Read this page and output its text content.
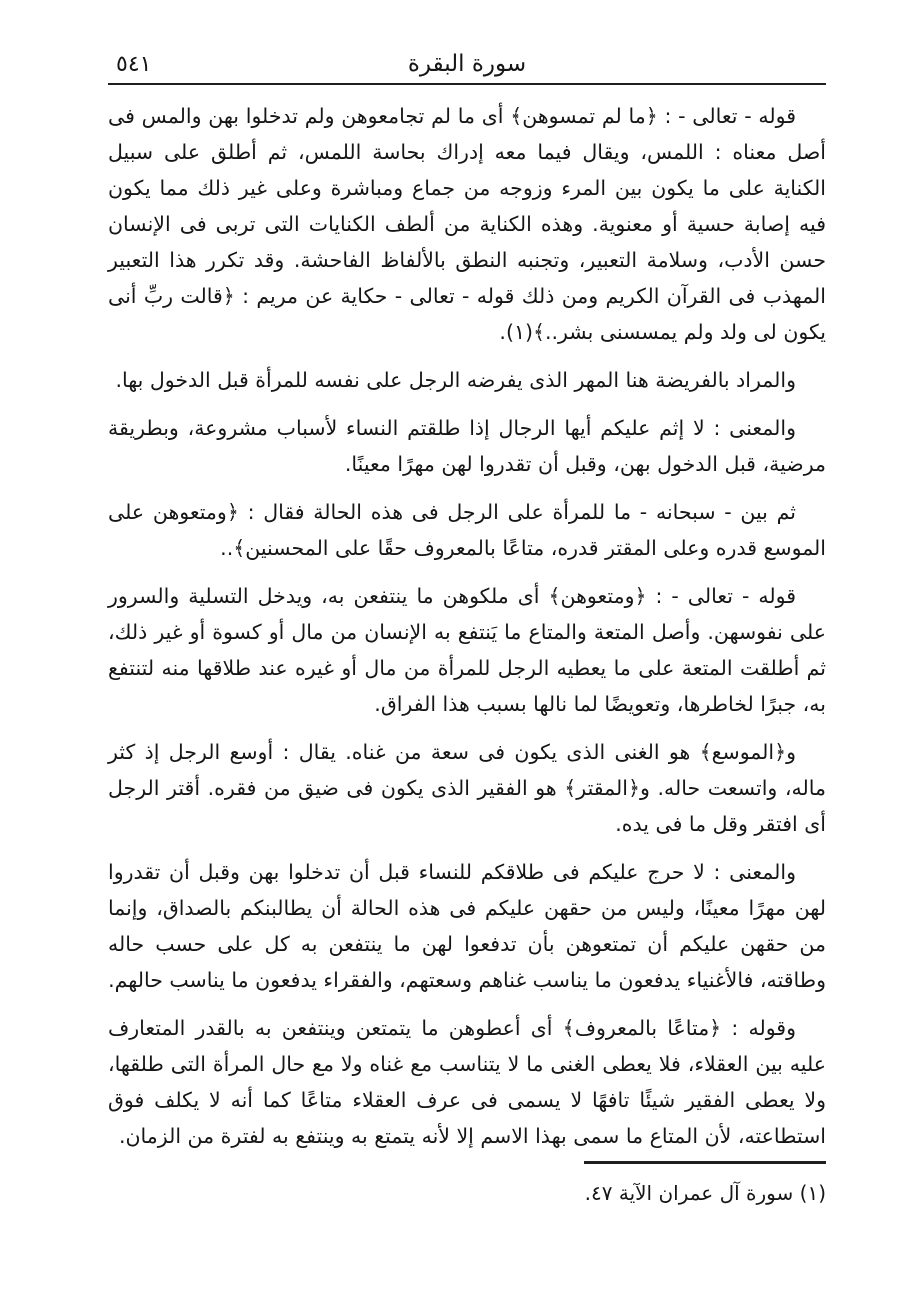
٥٤١	سورة البقرة

قوله - تعالى - : ﴿ما لم تمسوهن﴾ أى ما لم تجامعوهن ولم تدخلوا بهن والمس فى أصل معناه : اللمس، ويقال فيما معه إدراك بحاسة اللمس، ثم أطلق على سبيل الكناية على ما يكون بين المرء وزوجه من جماع ومباشرة وعلى غير ذلك مما يكون فيه إصابة حسية أو معنوية. وهذه الكناية من ألطف الكنايات التى تربى فى الإنسان حسن الأدب، وسلامة التعبير، وتجنبه النطق بالألفاظ الفاحشة. وقد تكرر هذا التعبير المهذب فى القرآن الكريم ومن ذلك قوله - تعالى - حكاية عن مريم : ﴿قالت ربِّ أنى يكون لى ولد ولم يمسسنى بشر..﴾(١).

والمراد بالفريضة هنا المهر الذى يفرضه الرجل على نفسه للمرأة قبل الدخول بها.

والمعنى : لا إثم عليكم أيها الرجال إذا طلقتم النساء لأسباب مشروعة، وبطريقة مرضية، قبل الدخول بهن، وقبل أن تقدروا لهن مهرًا معينًا.

ثم بين - سبحانه - ما للمرأة على الرجل فى هذه الحالة فقال : ﴿ومتعوهن على الموسع قدره وعلى المقتر قدره، متاعًا بالمعروف حقًا على المحسنين﴾..

قوله - تعالى - : ﴿ومتعوهن﴾ أى ملكوهن ما ينتفعن به، ويدخل التسلية والسرور على نفوسهن. وأصل المتعة والمتاع ما يَنتفع به الإنسان من مال أو كسوة أو غير ذلك، ثم أطلقت المتعة على ما يعطيه الرجل للمرأة من مال أو غيره عند طلاقها منه لتنتفع به، جبرًا لخاطرها، وتعويضًا لما نالها بسبب هذا الفراق.

و﴿الموسع﴾ هو الغنى الذى يكون فى سعة من غناه. يقال : أوسع الرجل إذ كثر ماله، واتسعت حاله. و﴿المقتر﴾ هو الفقير الذى يكون فى ضيق من فقره. أقتر الرجل أى افتقر وقل ما فى يده.

والمعنى : لا حرج عليكم فى طلاقكم للنساء قبل أن تدخلوا بهن وقبل أن تقدروا لهن مهرًا معينًا، وليس من حقهن عليكم فى هذه الحالة أن يطالبنكم بالصداق، وإنما من حقهن عليكم أن تمتعوهن بأن تدفعوا لهن ما ينتفعن به كل على حسب حاله وطاقته، فالأغنياء يدفعون ما يناسب غناهم وسعتهم، والفقراء يدفعون ما يناسب حالهم.

وقوله : ﴿متاعًا بالمعروف﴾ أى أعطوهن ما يتمتعن وينتفعن به بالقدر المتعارف عليه بين العقلاء، فلا يعطى الغنى ما لا يتناسب مع غناه ولا مع حال المرأة التى طلقها، ولا يعطى الفقير شيئًا تافهًا لا يسمى فى عرف العقلاء متاعًا كما أنه لا يكلف فوق استطاعته، لأن المتاع ما سمى بهذا الاسم إلا لأنه يتمتع به وينتفع به لفترة من الزمان.

(١) سورة آل عمران الآية ٤٧.
